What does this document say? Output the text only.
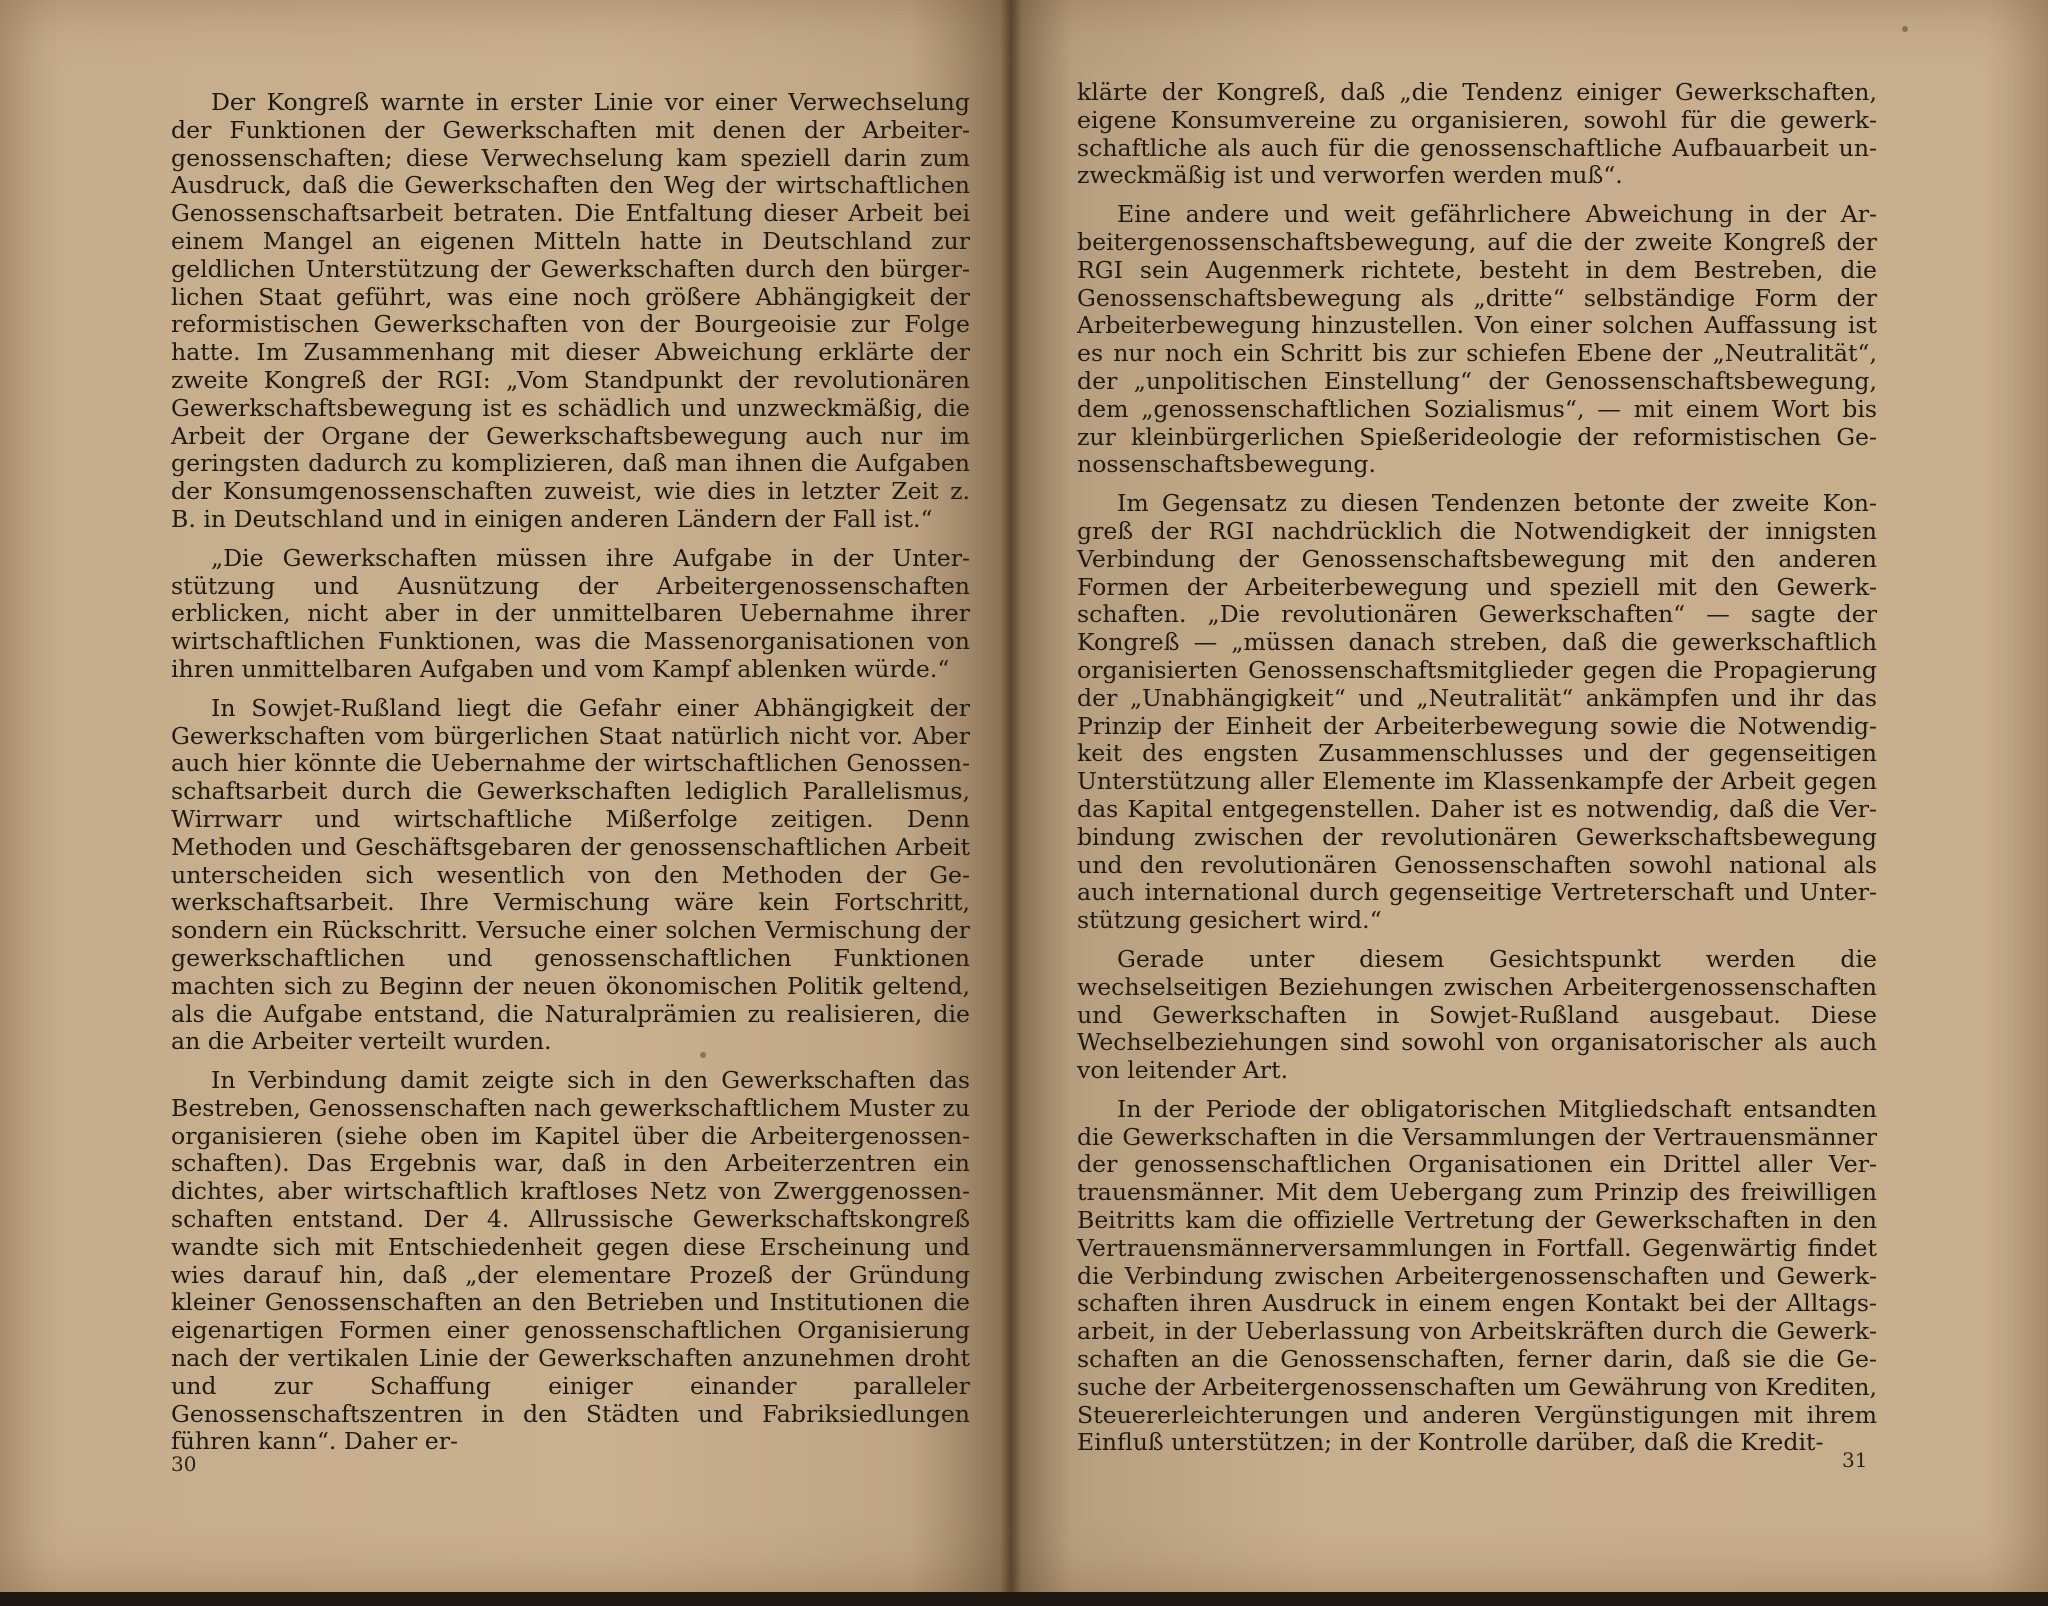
Der Kongreß warnte in erster Linie vor einer Verwechselung der Funktionen der Gewerkschaften mit denen der Arbeitergenossenschaften; diese Verwechselung kam speziell darin zum Ausdruck, daß die Gewerkschaften den Weg der wirtschaftlichen Genossenschaftsarbeit betraten. Die Entfaltung dieser Arbeit bei einem Mangel an eigenen Mitteln hatte in Deutschland zur geldlichen Unterstützung der Gewerkschaften durch den bürgerlichen Staat geführt, was eine noch größere Abhängigkeit der reformistischen Gewerkschaften von der Bourgeoisie zur Folge hatte. Im Zusammenhang mit dieser Abweichung erklärte der zweite Kongreß der RGI: „Vom Standpunkt der revolutionären Gewerkschaftsbewegung ist es schädlich und unzweckmäßig, die Arbeit der Organe der Gewerkschaftsbewegung auch nur im geringsten dadurch zu komplizieren, daß man ihnen die Aufgaben der Konsumgenossenschaften zuweist, wie dies in letzter Zeit z. B. in Deutschland und in einigen anderen Ländern der Fall ist.“

„Die Gewerkschaften müssen ihre Aufgabe in der Unterstützung und Ausnützung der Arbeitergenossenschaften erblicken, nicht aber in der unmittelbaren Uebernahme ihrer wirtschaftlichen Funktionen, was die Massenorganisationen von ihren unmittelbaren Aufgaben und vom Kampf ablenken würde.“

In Sowjet-Rußland liegt die Gefahr einer Abhängigkeit der Gewerkschaften vom bürgerlichen Staat natürlich nicht vor. Aber auch hier könnte die Uebernahme der wirtschaftlichen Genossenschaftsarbeit durch die Gewerkschaften lediglich Parallelismus, Wirrwarr und wirtschaftliche Mißerfolge zeitigen. Denn Methoden und Geschäftsgebaren der genossenschaftlichen Arbeit unterscheiden sich wesentlich von den Methoden der Gewerkschaftsarbeit. Ihre Vermischung wäre kein Fortschritt, sondern ein Rückschritt. Versuche einer solchen Vermischung der gewerkschaftlichen und genossenschaftlichen Funktionen machten sich zu Beginn der neuen ökonomischen Politik geltend, als die Aufgabe entstand, die Naturalprämien zu realisieren, die an die Arbeiter verteilt wurden.

In Verbindung damit zeigte sich in den Gewerkschaften das Bestreben, Genossenschaften nach gewerkschaftlichem Muster zu organisieren (siehe oben im Kapitel über die Arbeitergenossenschaften). Das Ergebnis war, daß in den Arbeiterzentren ein dichtes, aber wirtschaftlich kraftloses Netz von Zwerggenossenschaften entstand. Der 4. Allrussische Gewerkschaftskongreß wandte sich mit Entschiedenheit gegen diese Erscheinung und wies darauf hin, daß „der elementare Prozeß der Gründung kleiner Genossenschaften an den Betrieben und Institutionen die eigenartigen Formen einer genossenschaftlichen Organisierung nach der vertikalen Linie der Gewerkschaften anzunehmen droht und zur Schaffung einiger einander paralleler Genossenschaftszentren in den Städten und Fabriksiedlungen führen kann“. Daher er-

30

klärte der Kongreß, daß „die Tendenz einiger Gewerkschaften, eigene Konsumvereine zu organisieren, sowohl für die gewerkschaftliche als auch für die genossenschaftliche Aufbauarbeit unzweckmäßig ist und verworfen werden muß“.

Eine andere und weit gefährlichere Abweichung in der Arbeitergenossenschaftsbewegung, auf die der zweite Kongreß der RGI sein Augenmerk richtete, besteht in dem Bestreben, die Genossenschaftsbewegung als „dritte“ selbständige Form der Arbeiterbewegung hinzustellen. Von einer solchen Auffassung ist es nur noch ein Schritt bis zur schiefen Ebene der „Neutralität“, der „unpolitischen Einstellung“ der Genossenschaftsbewegung, dem „genossenschaftlichen Sozialismus“, — mit einem Wort bis zur kleinbürgerlichen Spießerideologie der reformistischen Genossenschaftsbewegung.

Im Gegensatz zu diesen Tendenzen betonte der zweite Kongreß der RGI nachdrücklich die Notwendigkeit der innigsten Verbindung der Genossenschaftsbewegung mit den anderen Formen der Arbeiterbewegung und speziell mit den Gewerkschaften. „Die revolutionären Gewerkschaften“ — sagte der Kongreß — „müssen danach streben, daß die gewerkschaftlich organisierten Genossenschaftsmitglieder gegen die Propagierung der „Unabhängigkeit“ und „Neutralität“ ankämpfen und ihr das Prinzip der Einheit der Arbeiterbewegung sowie die Notwendigkeit des engsten Zusammenschlusses und der gegenseitigen Unterstützung aller Elemente im Klassenkampfe der Arbeit gegen das Kapital entgegenstellen. Daher ist es notwendig, daß die Verbindung zwischen der revolutionären Gewerkschaftsbewegung und den revolutionären Genossenschaften sowohl national als auch international durch gegenseitige Vertreterschaft und Unterstützung gesichert wird.“

Gerade unter diesem Gesichtspunkt werden die wechselseitigen Beziehungen zwischen Arbeitergenossenschaften und Gewerkschaften in Sowjet-Rußland ausgebaut. Diese Wechselbeziehungen sind sowohl von organisatorischer als auch von leitender Art.

In der Periode der obligatorischen Mitgliedschaft entsandten die Gewerkschaften in die Versammlungen der Vertrauensmänner der genossenschaftlichen Organisationen ein Drittel aller Vertrauensmänner. Mit dem Uebergang zum Prinzip des freiwilligen Beitritts kam die offizielle Vertretung der Gewerkschaften in den Vertrauensmännerversammlungen in Fortfall. Gegenwärtig findet die Verbindung zwischen Arbeitergenossenschaften und Gewerkschaften ihren Ausdruck in einem engen Kontakt bei der Alltagsarbeit, in der Ueberlassung von Arbeitskräften durch die Gewerkschaften an die Genossenschaften, ferner darin, daß sie die Gesuche der Arbeitergenossenschaften um Gewährung von Krediten, Steuererleichterungen und anderen Vergünstigungen mit ihrem Einfluß unterstützen; in der Kontrolle darüber, daß die Kredit-

31
